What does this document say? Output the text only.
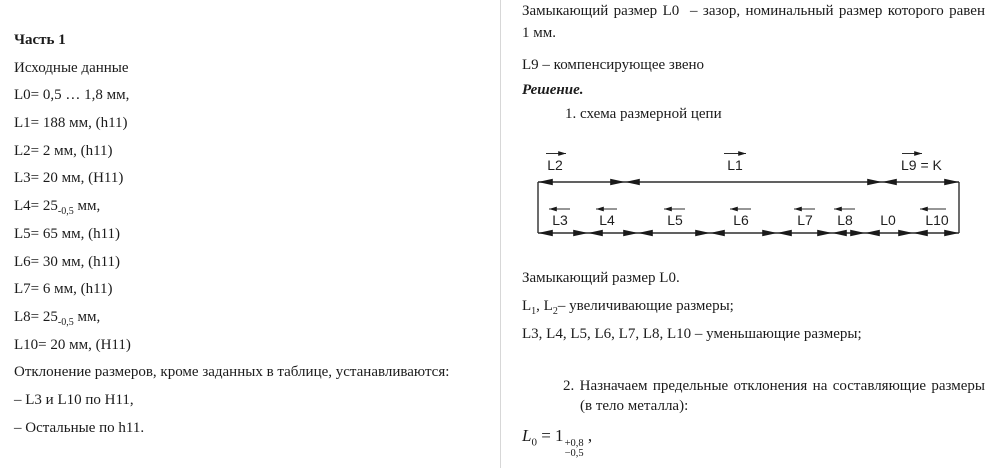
Часть 1
Исходные данные
L0= 0,5 … 1,8 мм,
L1= 188 мм, (h11)
L2= 2 мм, (h11)
L3= 20 мм, (H11)
$L4= 25_{-0,5}$ мм,
L5= 65 мм, (h11)
L6= 30 мм, (h11)
L7= 6 мм, (h11)
$L8= 25_{-0,5}$ мм,
L10= 20 мм, (H11)
Отклонение размеров, кроме заданных в таблице, устанавливаются:
– L3 и L10 по H11,
– Остальные по h11.
Замыкающий размер L0  – зазор, номинальный размер которого равен
1 мм.
L9 – компенсирующее звено
Решение.
1. схема размерной цепи
L2	L1	L9 = K
L3 L4	L5	L6	L7 L8 L0 L10
Замыкающий размер L0.
$L_1$, $L_2-$ увеличивающие размеры;
L3, L4, L5, L6, L7, L8, L10 – уменьшающие размеры;
2. Назначаем предельные отклонения на составляющие размеры
(в тело металла):
$L_0 = 1 +0,8$
−0,5
,
